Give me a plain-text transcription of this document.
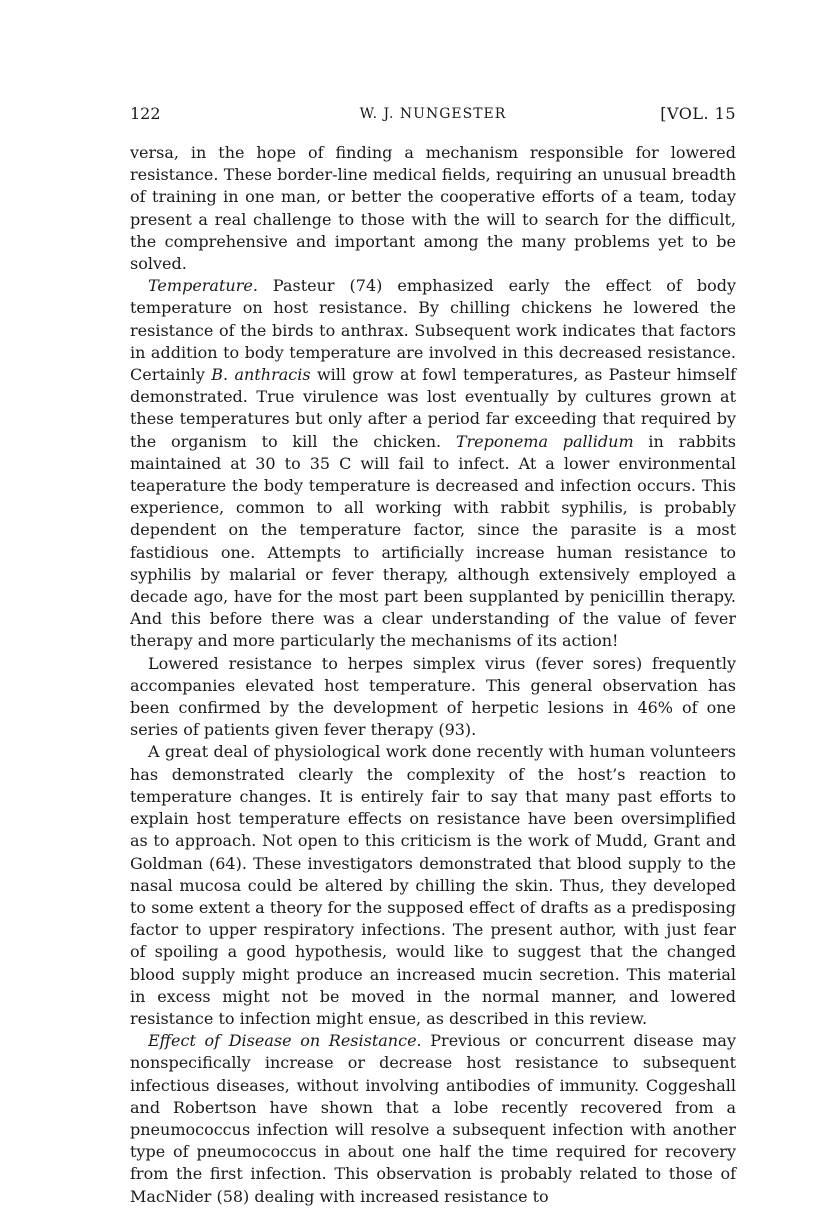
122	W. J. NUNGESTER	[VOL. 15

versa, in the hope of finding a mechanism responsible for lowered resistance. These border-line medical fields, requiring an unusual breadth of training in one man, or better the cooperative efforts of a team, today present a real challenge to those with the will to search for the difficult, the comprehensive and important among the many problems yet to be solved.

Temperature. Pasteur (74) emphasized early the effect of body temperature on host resistance. By chilling chickens he lowered the resistance of the birds to anthrax. Subsequent work indicates that factors in addition to body temperature are involved in this decreased resistance. Certainly B. anthracis will grow at fowl temperatures, as Pasteur himself demonstrated. True virulence was lost eventually by cultures grown at these temperatures but only after a period far exceeding that required by the organism to kill the chicken. Treponema pallidum in rabbits maintained at 30 to 35 C will fail to infect. At a lower environmental teaperature the body temperature is decreased and infection occurs. This experience, common to all working with rabbit syphilis, is probably dependent on the temperature factor, since the parasite is a most fastidious one. Attempts to artificially increase human resistance to syphilis by malarial or fever therapy, although extensively employed a decade ago, have for the most part been supplanted by penicillin therapy. And this before there was a clear understanding of the value of fever therapy and more particularly the mechanisms of its action!

Lowered resistance to herpes simplex virus (fever sores) frequently accompanies elevated host temperature. This general observation has been confirmed by the development of herpetic lesions in 46% of one series of patients given fever therapy (93).

A great deal of physiological work done recently with human volunteers has demonstrated clearly the complexity of the host’s reaction to temperature changes. It is entirely fair to say that many past efforts to explain host temperature effects on resistance have been oversimplified as to approach. Not open to this criticism is the work of Mudd, Grant and Goldman (64). These investigators demonstrated that blood supply to the nasal mucosa could be altered by chilling the skin. Thus, they developed to some extent a theory for the supposed effect of drafts as a predisposing factor to upper respiratory infections. The present author, with just fear of spoiling a good hypothesis, would like to suggest that the changed blood supply might produce an increased mucin secretion. This material in excess might not be moved in the normal manner, and lowered resistance to infection might ensue, as described in this review.

Effect of Disease on Resistance. Previous or concurrent disease may nonspecifically increase or decrease host resistance to subsequent infectious diseases, without involving antibodies of immunity. Coggeshall and Robertson have shown that a lobe recently recovered from a pneumococcus infection will resolve a subsequent infection with another type of pneumococcus in about one half the time required for recovery from the first infection. This observation is probably related to those of MacNider (58) dealing with increased resistance to
